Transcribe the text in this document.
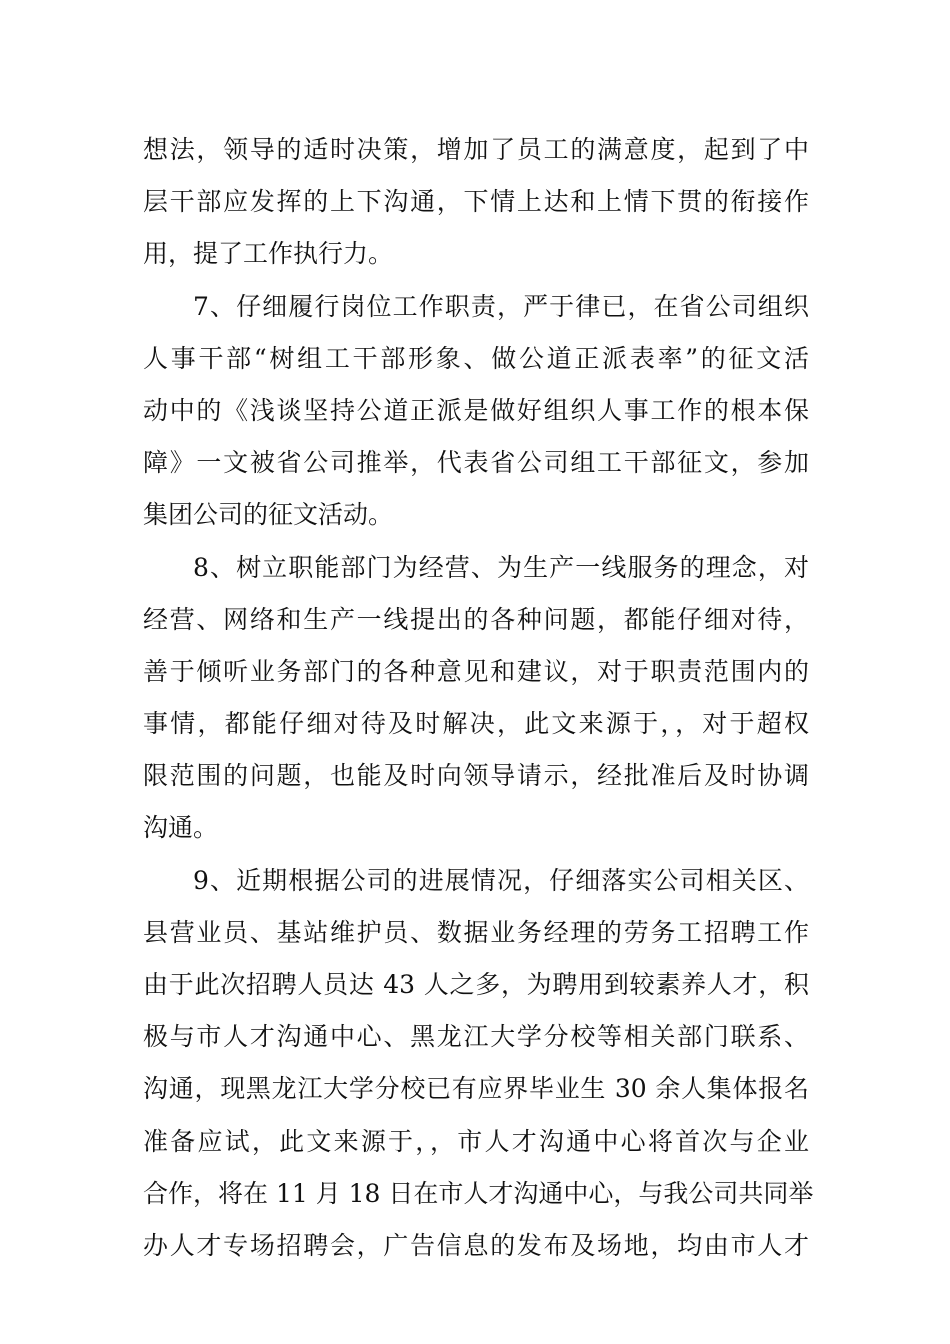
想法，领导的适时决策，增加了员工的满意度，起到了中
层干部应发挥的上下沟通，下情上达和上情下贯的衔接作
用，提了工作执行力。
7、仔细履行岗位工作职责，严于律已，在省公司组织
人事干部“树组工干部形象、做公道正派表率”的征文活
动中的《浅谈坚持公道正派是做好组织人事工作的根本保
障》一文被省公司推举，代表省公司组工干部征文，参加
集团公司的征文活动。
8、树立职能部门为经营、为生产一线服务的理念，对
经营、网络和生产一线提出的各种问题，都能仔细对待，
善于倾听业务部门的各种意见和建议，对于职责范围内的
事情，都能仔细对待及时解决，此文来源于，，对于超权
限范围的问题，也能及时向领导请示，经批准后及时协调
沟通。
9、近期根据公司的进展情况，仔细落实公司相关区、
县营业员、基站维护员、数据业务经理的劳务工招聘工作
由于此次招聘人员达 43 人之多，为聘用到较素养人才，积
极与市人才沟通中心、黑龙江大学分校等相关部门联系、
沟通，现黑龙江大学分校已有应界毕业生 30 余人集体报名
准备应试，此文来源于，，市人才沟通中心将首次与企业
合作，将在 11 月 18 日在市人才沟通中心，与我公司共同举
办人才专场招聘会，广告信息的发布及场地，均由市人才
